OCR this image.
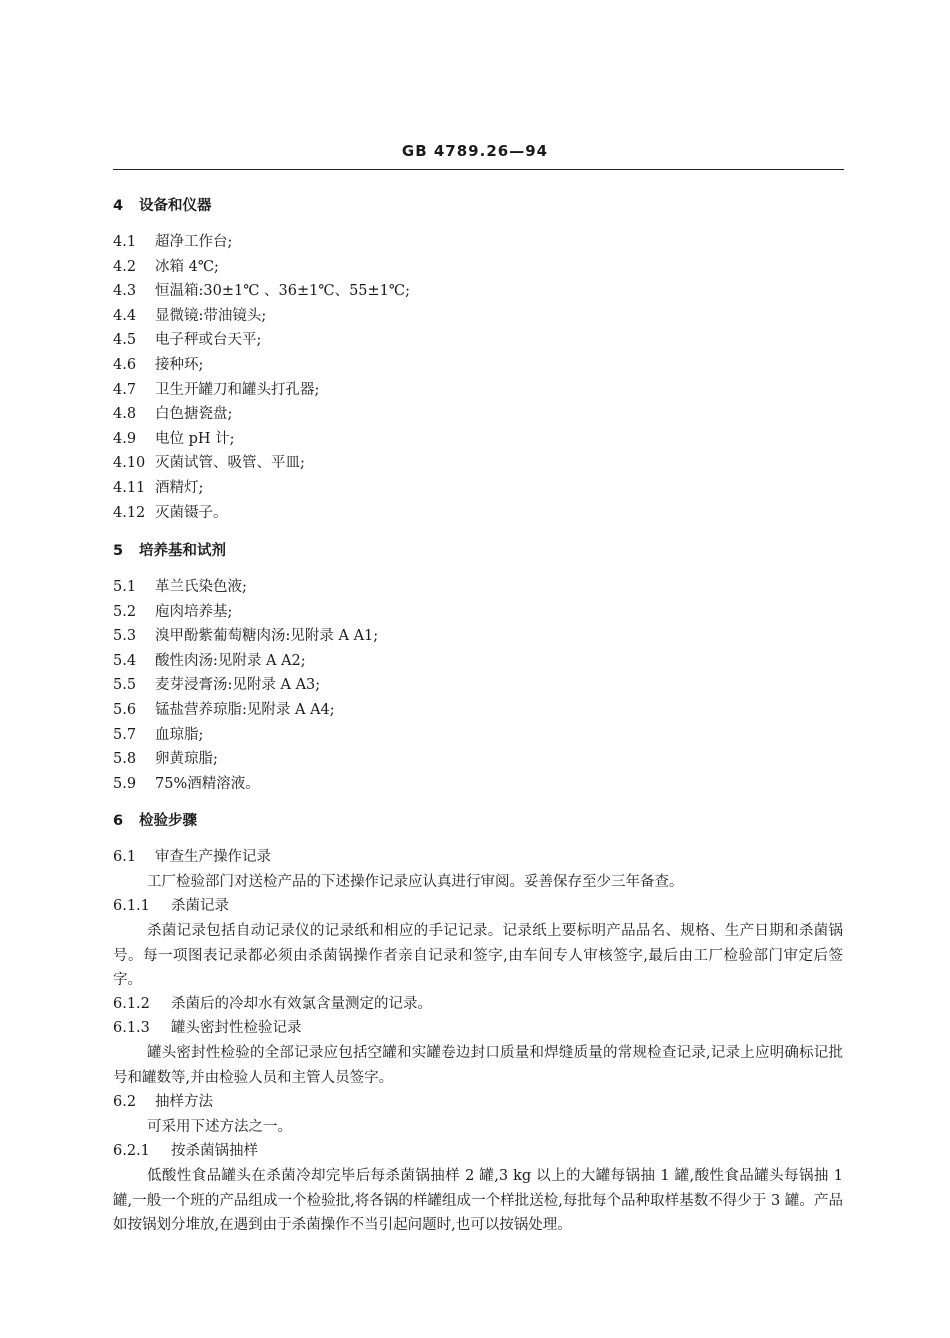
GB 4789.26—94
4 设备和仪器
4.1 超净工作台;
4.2 冰箱 4℃;
4.3 恒温箱:30±1℃ 、36±1℃、55±1℃;
4.4 显微镜:带油镜头;
4.5 电子秤或台天平;
4.6 接种环;
4.7 卫生开罐刀和罐头打孔器;
4.8 白色搪瓷盘;
4.9 电位 pH 计;
4.10 灭菌试管、吸管、平皿;
4.11 酒精灯;
4.12 灭菌镊子。
5 培养基和试剂
5.1 革兰氏染色液;
5.2 庖肉培养基;
5.3 溴甲酚紫葡萄糖肉汤:见附录 A A1;
5.4 酸性肉汤:见附录 A A2;
5.5 麦芽浸膏汤:见附录 A A3;
5.6 锰盐营养琼脂:见附录 A A4;
5.7 血琼脂;
5.8 卵黄琼脂;
5.9 75%酒精溶液。
6 检验步骤
6.1 审查生产操作记录
工厂检验部门对送检产品的下述操作记录应认真进行审阅。妥善保存至少三年备查。
6.1.1 杀菌记录
杀菌记录包括自动记录仪的记录纸和相应的手记记录。记录纸上要标明产品品名、规格、生产日期和杀菌锅号。每一项图表记录都必须由杀菌锅操作者亲自记录和签字,由车间专人审核签字,最后由工厂检验部门审定后签字。
6.1.2 杀菌后的冷却水有效氯含量测定的记录。
6.1.3 罐头密封性检验记录
罐头密封性检验的全部记录应包括空罐和实罐卷边封口质量和焊缝质量的常规检查记录,记录上应明确标记批号和罐数等,并由检验人员和主管人员签字。
6.2 抽样方法
可采用下述方法之一。
6.2.1 按杀菌锅抽样
低酸性食品罐头在杀菌冷却完毕后每杀菌锅抽样 2 罐,3 kg 以上的大罐每锅抽 1 罐,酸性食品罐头每锅抽 1 罐,一般一个班的产品组成一个检验批,将各锅的样罐组成一个样批送检,每批每个品种取样基数不得少于 3 罐。产品如按锅划分堆放,在遇到由于杀菌操作不当引起问题时,也可以按锅处理。
